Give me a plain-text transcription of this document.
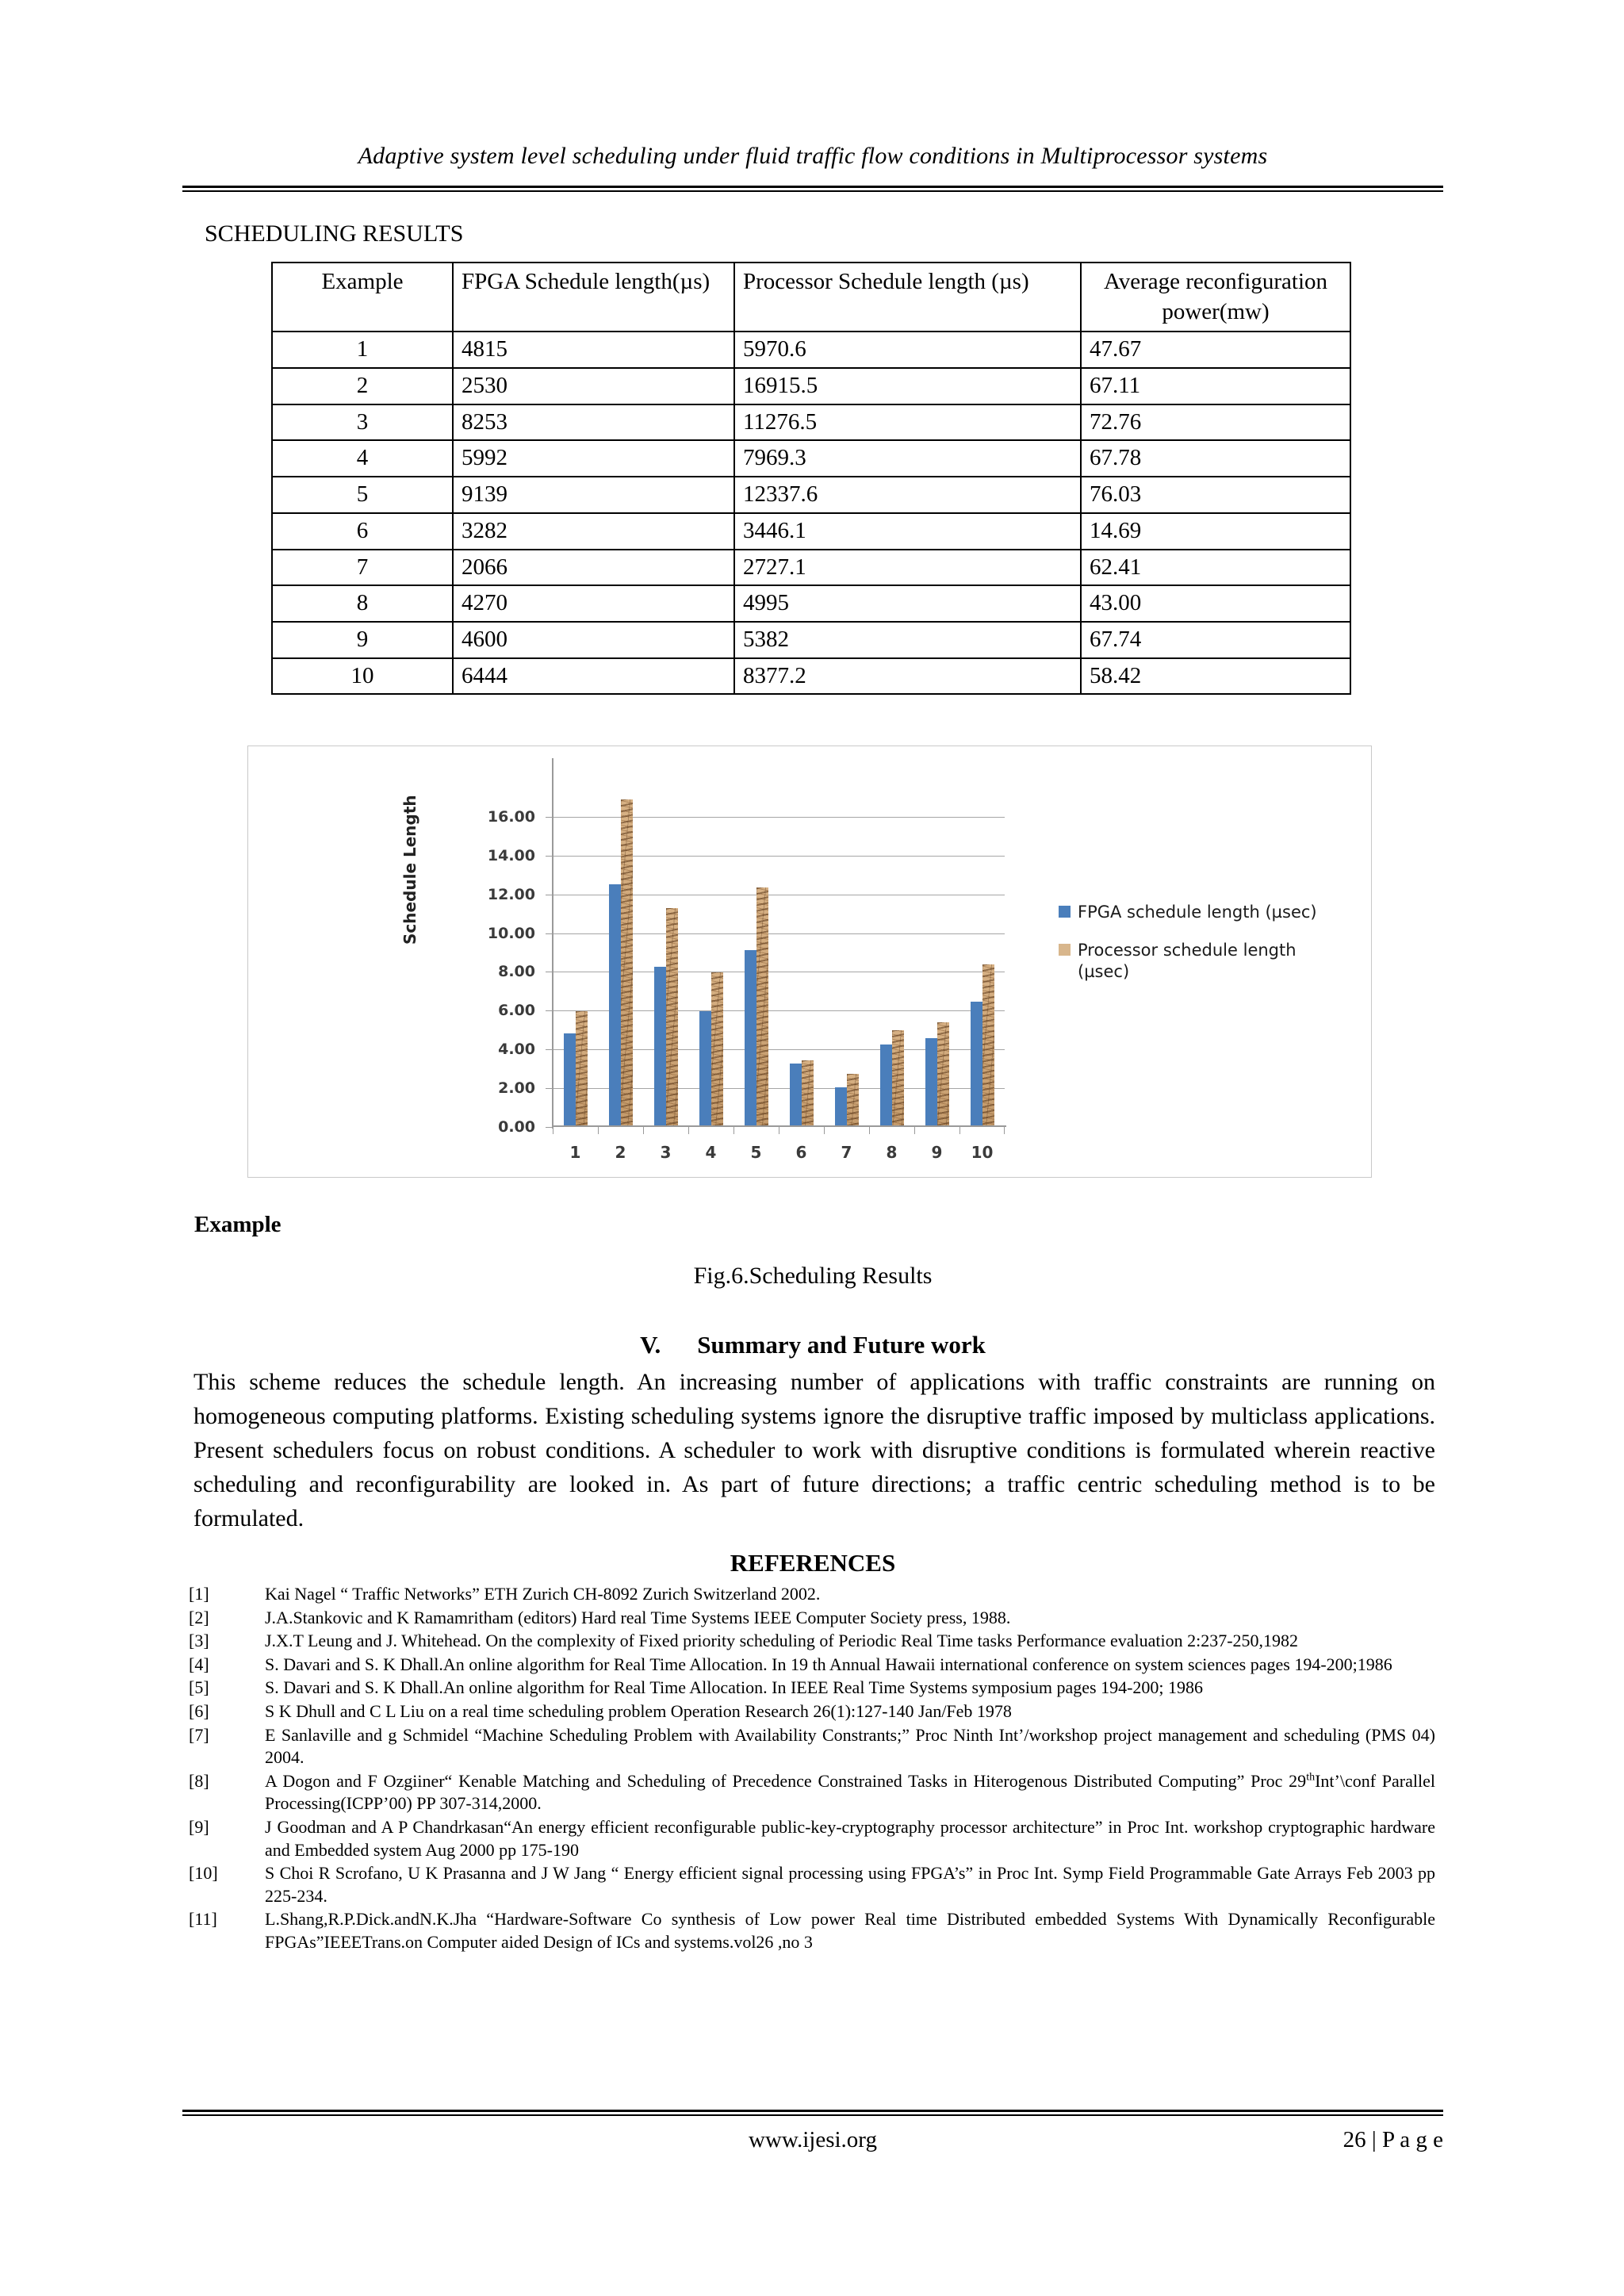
Adaptive system level scheduling under fluid traffic flow conditions in Multiprocessor systems
SCHEDULING RESULTS
Example	FPGA Schedule length(µs)	Processor Schedule length (µs)	Average reconfiguration power(mw)
1	4815	5970.6	47.67
2	2530	16915.5	67.11
3	8253	11276.5	72.76
4	5992	7969.3	67.78
5	9139	12337.6	76.03
6	3282	3446.1	14.69
7	2066	2727.1	62.41
8	4270	4995	43.00
9	4600	5382	67.74
10	6444	8377.2	58.42
Schedule Length
0.00
2.00
4.00
6.00
8.00
10.00
12.00
14.00
16.00
1	2	3	4	5	6	7	8	9	10
FPGA schedule length (µsec)
Processor schedule length (µsec)
Example
Fig.6.Scheduling Results
V. Summary and Future work
This scheme reduces the schedule length. An increasing number of applications with traffic constraints are running on homogeneous computing platforms. Existing scheduling systems ignore the disruptive traffic imposed by multiclass applications. Present schedulers focus on robust conditions. A scheduler to work with disruptive conditions is formulated wherein reactive scheduling and reconfigurability are looked in. As part of future directions; a traffic centric scheduling method is to be formulated.
REFERENCES
[1]	Kai Nagel “ Traffic Networks” ETH Zurich CH-8092 Zurich Switzerland 2002.
[2]	J.A.Stankovic and K Ramamritham (editors) Hard real Time Systems IEEE Computer Society press, 1988.
[3]	J.X.T Leung and J. Whitehead. On the complexity of Fixed priority scheduling of Periodic Real Time tasks Performance evaluation 2:237-250,1982
[4]	S. Davari and S. K Dhall.An online algorithm for Real Time Allocation. In 19 th Annual Hawaii international conference on system sciences pages 194-200;1986
[5]	S. Davari and S. K Dhall.An online algorithm for Real Time Allocation. In IEEE Real Time Systems symposium pages 194-200; 1986
[6]	S K Dhull and C L Liu on a real time scheduling problem Operation Research 26(1):127-140 Jan/Feb 1978
[7]	E Sanlaville and g Schmidel “Machine Scheduling Problem with Availability Constrants;” Proc Ninth Int’/workshop project management and scheduling (PMS 04) 2004.
[8]	A Dogon and F Ozgiiner“ Kenable Matching and Scheduling of Precedence Constrained Tasks in Hiterogenous Distributed Computing” Proc 29thInt’\conf Parallel Processing(ICPP’00) PP 307-314,2000.
[9]	J Goodman and A P Chandrkasan“An energy efficient reconfigurable public-key-cryptography processor architecture” in Proc Int. workshop cryptographic hardware and Embedded system Aug 2000 pp 175-190
[10]	S Choi R Scrofano, U K Prasanna and J W Jang “ Energy efficient signal processing using FPGA’s” in Proc Int. Symp Field Programmable Gate Arrays Feb 2003 pp 225-234.
[11]	L.Shang,R.P.Dick.andN.K.Jha “Hardware-Software Co synthesis of Low power Real time Distributed embedded Systems With Dynamically Reconfigurable FPGAs”IEEETrans.on Computer aided Design of ICs and systems.vol26 ,no 3
www.ijesi.org	26 | P a g e
